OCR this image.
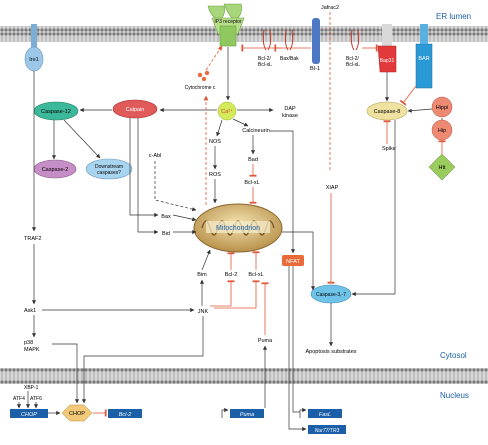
ER lumen
Cytosol
Nucleus
Ire1
IP3 receptor
Jafrac2
Bcl-2/
Bcl-xL
Bax/Bak
BI-1
Bcl-2/
Bcl-xL
Bap31	BAR
Caspase-12	Calpain	Ca²⁺
Cytochrome c
DAP
kinase
Caspase-8
Spike
Hippi
Hip
Htt
Caspase-2	Downstream
caspases?
c-Abl
NOS
ROS
Calcineurin
Bad
Bcl-xL
XIAP
Bax
Bid
Mitochondrion
NFAT
TRAF2
Ask1	JNK
Bim	Bcl-2 Bcl-xL
Caspase-3,-7
p38
MAPK
Puma
Apoptosis substrates
XBP-1
ATF4 ATF6
CHOP	CHOP	Bcl-2	Puma	FasL
Nur77/TR3
